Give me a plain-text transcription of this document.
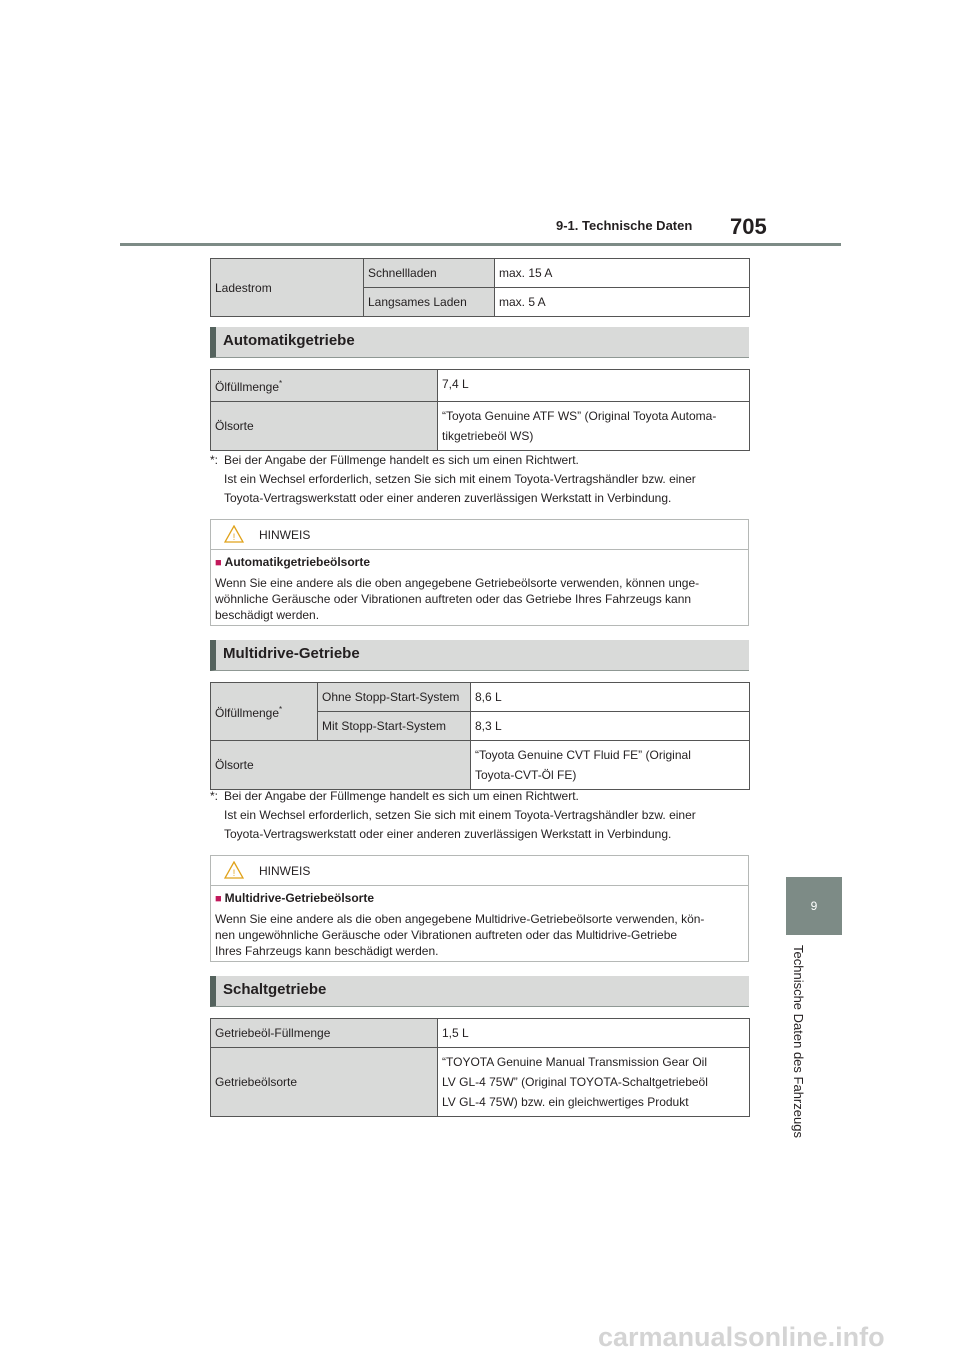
9-1. Technische Daten 705
9
Technische Daten des Fahrzeugs
Ladestrom	Schnellladen	max. 15 A
	Langsames Laden	max. 5 A
Automatikgetriebe
Ölfüllmenge*	7,4 L
Ölsorte	“Toyota Genuine ATF WS” (Original Toyota Automa-
tikgetriebeöl WS)
*: Bei der Angabe der Füllmenge handelt es sich um einen Richtwert.
Ist ein Wechsel erforderlich, setzen Sie sich mit einem Toyota-Vertragshändler bzw. einer
Toyota-Vertragswerkstatt oder einer anderen zuverlässigen Werkstatt in Verbindung.
! HINWEIS
■ Automatikgetriebeölsorte
Wenn Sie eine andere als die oben angegebene Getriebeölsorte verwenden, können unge-
wöhnliche Geräusche oder Vibrationen auftreten oder das Getriebe Ihres Fahrzeugs kann
beschädigt werden.
Multidrive-Getriebe
Ölfüllmenge*	Ohne Stopp-Start-System	8,6 L
	Mit Stopp-Start-System	8,3 L
Ölsorte		“Toyota Genuine CVT Fluid FE” (Original
Toyota-CVT-Öl FE)
*: Bei der Angabe der Füllmenge handelt es sich um einen Richtwert.
Ist ein Wechsel erforderlich, setzen Sie sich mit einem Toyota-Vertragshändler bzw. einer
Toyota-Vertragswerkstatt oder einer anderen zuverlässigen Werkstatt in Verbindung.
! HINWEIS
■ Multidrive-Getriebeölsorte
Wenn Sie eine andere als die oben angegebene Multidrive-Getriebeölsorte verwenden, kön-
nen ungewöhnliche Geräusche oder Vibrationen auftreten oder das Multidrive-Getriebe
Ihres Fahrzeugs kann beschädigt werden.
Schaltgetriebe
Getriebeöl-Füllmenge	1,5 L
Getriebeölsorte	“TOYOTA Genuine Manual Transmission Gear Oil
LV GL-4 75W” (Original TOYOTA-Schaltgetriebeöl
LV GL-4 75W) bzw. ein gleichwertiges Produkt
carmanualsonline.info
